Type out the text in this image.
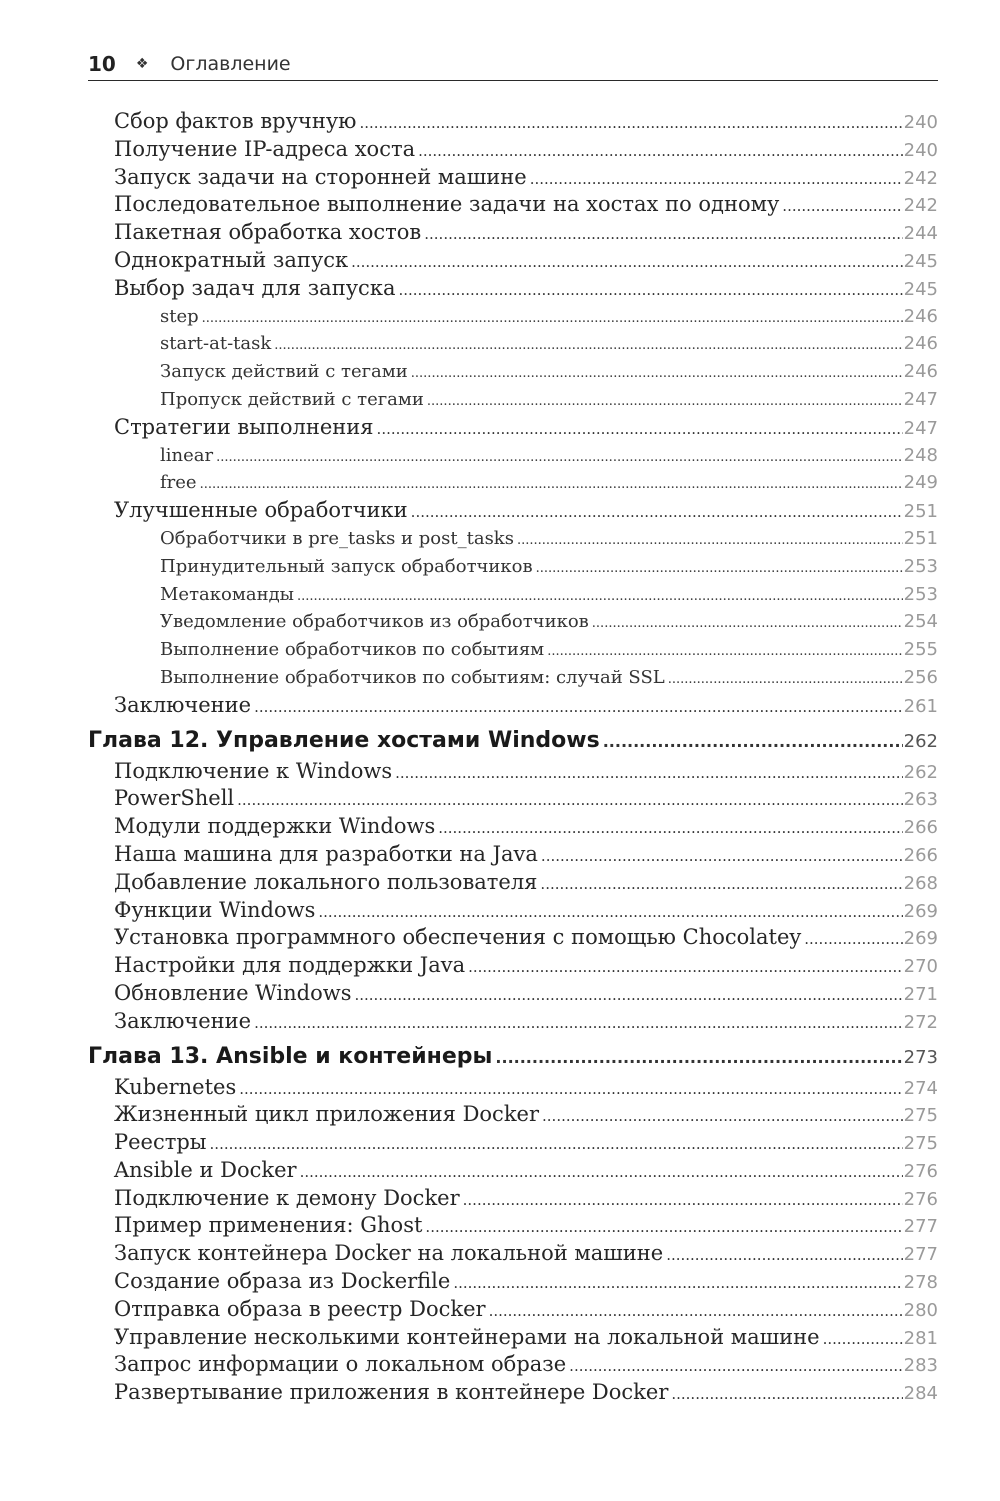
10 ❖ Оглавление
Сбор фактов вручную .....	240
Получение IP-адреса хоста .....	240
Запуск задачи на сторонней машине .....	242
Последовательное выполнение задачи на хостах по одному .....	242
Пакетная обработка хостов .....	244
Однократный запуск .....	245
Выбор задач для запуска .....	245
step .....	246
start-at-task .....	246
Запуск действий с тегами .....	246
Пропуск действий с тегами .....	247
Стратегии выполнения .....	247
linear .....	248
free .....	249
Улучшенные обработчики .....	251
Обработчики в pre_tasks и post_tasks .....	251
Принудительный запуск обработчиков .....	253
Метакоманды .....	253
Уведомление обработчиков из обработчиков .....	254
Выполнение обработчиков по событиям .....	255
Выполнение обработчиков по событиям: случай SSL .....	256
Заключение .....	261
Глава 12. Управление хостами Windows .....	262
Подключение к Windows .....	262
PowerShell .....	263
Модули поддержки Windows .....	266
Наша машина для разработки на Java .....	266
Добавление локального пользователя .....	268
Функции Windows .....	269
Установка программного обеспечения с помощью Chocolatey .....	269
Настройки для поддержки Java .....	270
Обновление Windows .....	271
Заключение .....	272
Глава 13. Ansible и контейнеры .....	273
Kubernetes .....	274
Жизненный цикл приложения Docker .....	275
Реестры .....	275
Ansible и Docker .....	276
Подключение к демону Docker .....	276
Пример применения: Ghost .....	277
Запуск контейнера Docker на локальной машине .....	277
Создание образа из Dockerfile .....	278
Отправка образа в реестр Docker .....	280
Управление несколькими контейнерами на локальной машине .....	281
Запрос информации о локальном образе .....	283
Развертывание приложения в контейнере Docker .....	284
